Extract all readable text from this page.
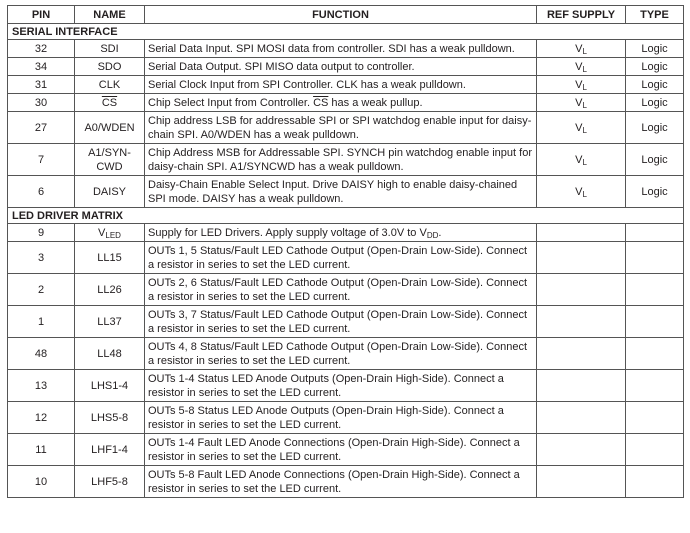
PIN	NAME	FUNCTION	REF SUPPLY	TYPE
SERIAL INTERFACE				
32	SDI	Serial Data Input. SPI MOSI data from controller. SDI has a weak pulldown.	$V_L$	Logic
34	SDO	Serial Data Output. SPI MISO data output to controller.	$V_L$	Logic
31	CLK	Serial Clock Input from SPI Controller. CLK has a weak pulldown.	$V_L$	Logic
30	$\overline{CS}$	Chip Select Input from Controller. $\overline{CS}$ has a weak pullup.	$V_L$	Logic
27	A0/WDEN	Chip address LSB for addressable SPI or SPI watchdog enable input for daisy-chain SPI. A0/WDEN has a weak pulldown.	$V_L$	Logic
7	A1/SYN-CWD	Chip Address MSB for Addressable SPI. SYNCH pin watchdog enable input for daisy-chain SPI. A1/SYNCWD has a weak pulldown.	$V_L$	Logic
6	DAISY	Daisy-Chain Enable Select Input. Drive DAISY high to enable daisy-chained SPI mode. DAISY has a weak pulldown.	$V_L$	Logic
LED DRIVER MATRIX				
9	$V_{LED}$	Supply for LED Drivers. Apply supply voltage of 3.0V to $V_{DD}$.		
3	LL15	OUTs 1, 5 Status/Fault LED Cathode Output (Open-Drain Low-Side). Connect a resistor in series to set the LED current.		
2	LL26	OUTs 2, 6 Status/Fault LED Cathode Output (Open-Drain Low-Side). Connect a resistor in series to set the LED current.		
1	LL37	OUTs 3, 7 Status/Fault LED Cathode Output (Open-Drain Low-Side). Connect a resistor in series to set the LED current.		
48	LL48	OUTs 4, 8 Status/Fault LED Cathode Output (Open-Drain Low-Side). Connect a resistor in series to set the LED current.		
13	LHS1-4	OUTs 1-4 Status LED Anode Outputs (Open-Drain High-Side). Connect a resistor in series to set the LED current.		
12	LHS5-8	OUTs 5-8 Status LED Anode Outputs (Open-Drain High-Side). Connect a resistor in series to set the LED current.		
11	LHF1-4	OUTs 1-4 Fault LED Anode Connections (Open-Drain High-Side). Connect a resistor in series to set the LED current.		
10	LHF5-8	OUTs 5-8 Fault LED Anode Connections (Open-Drain High-Side). Connect a resistor in series to set the LED current.		
